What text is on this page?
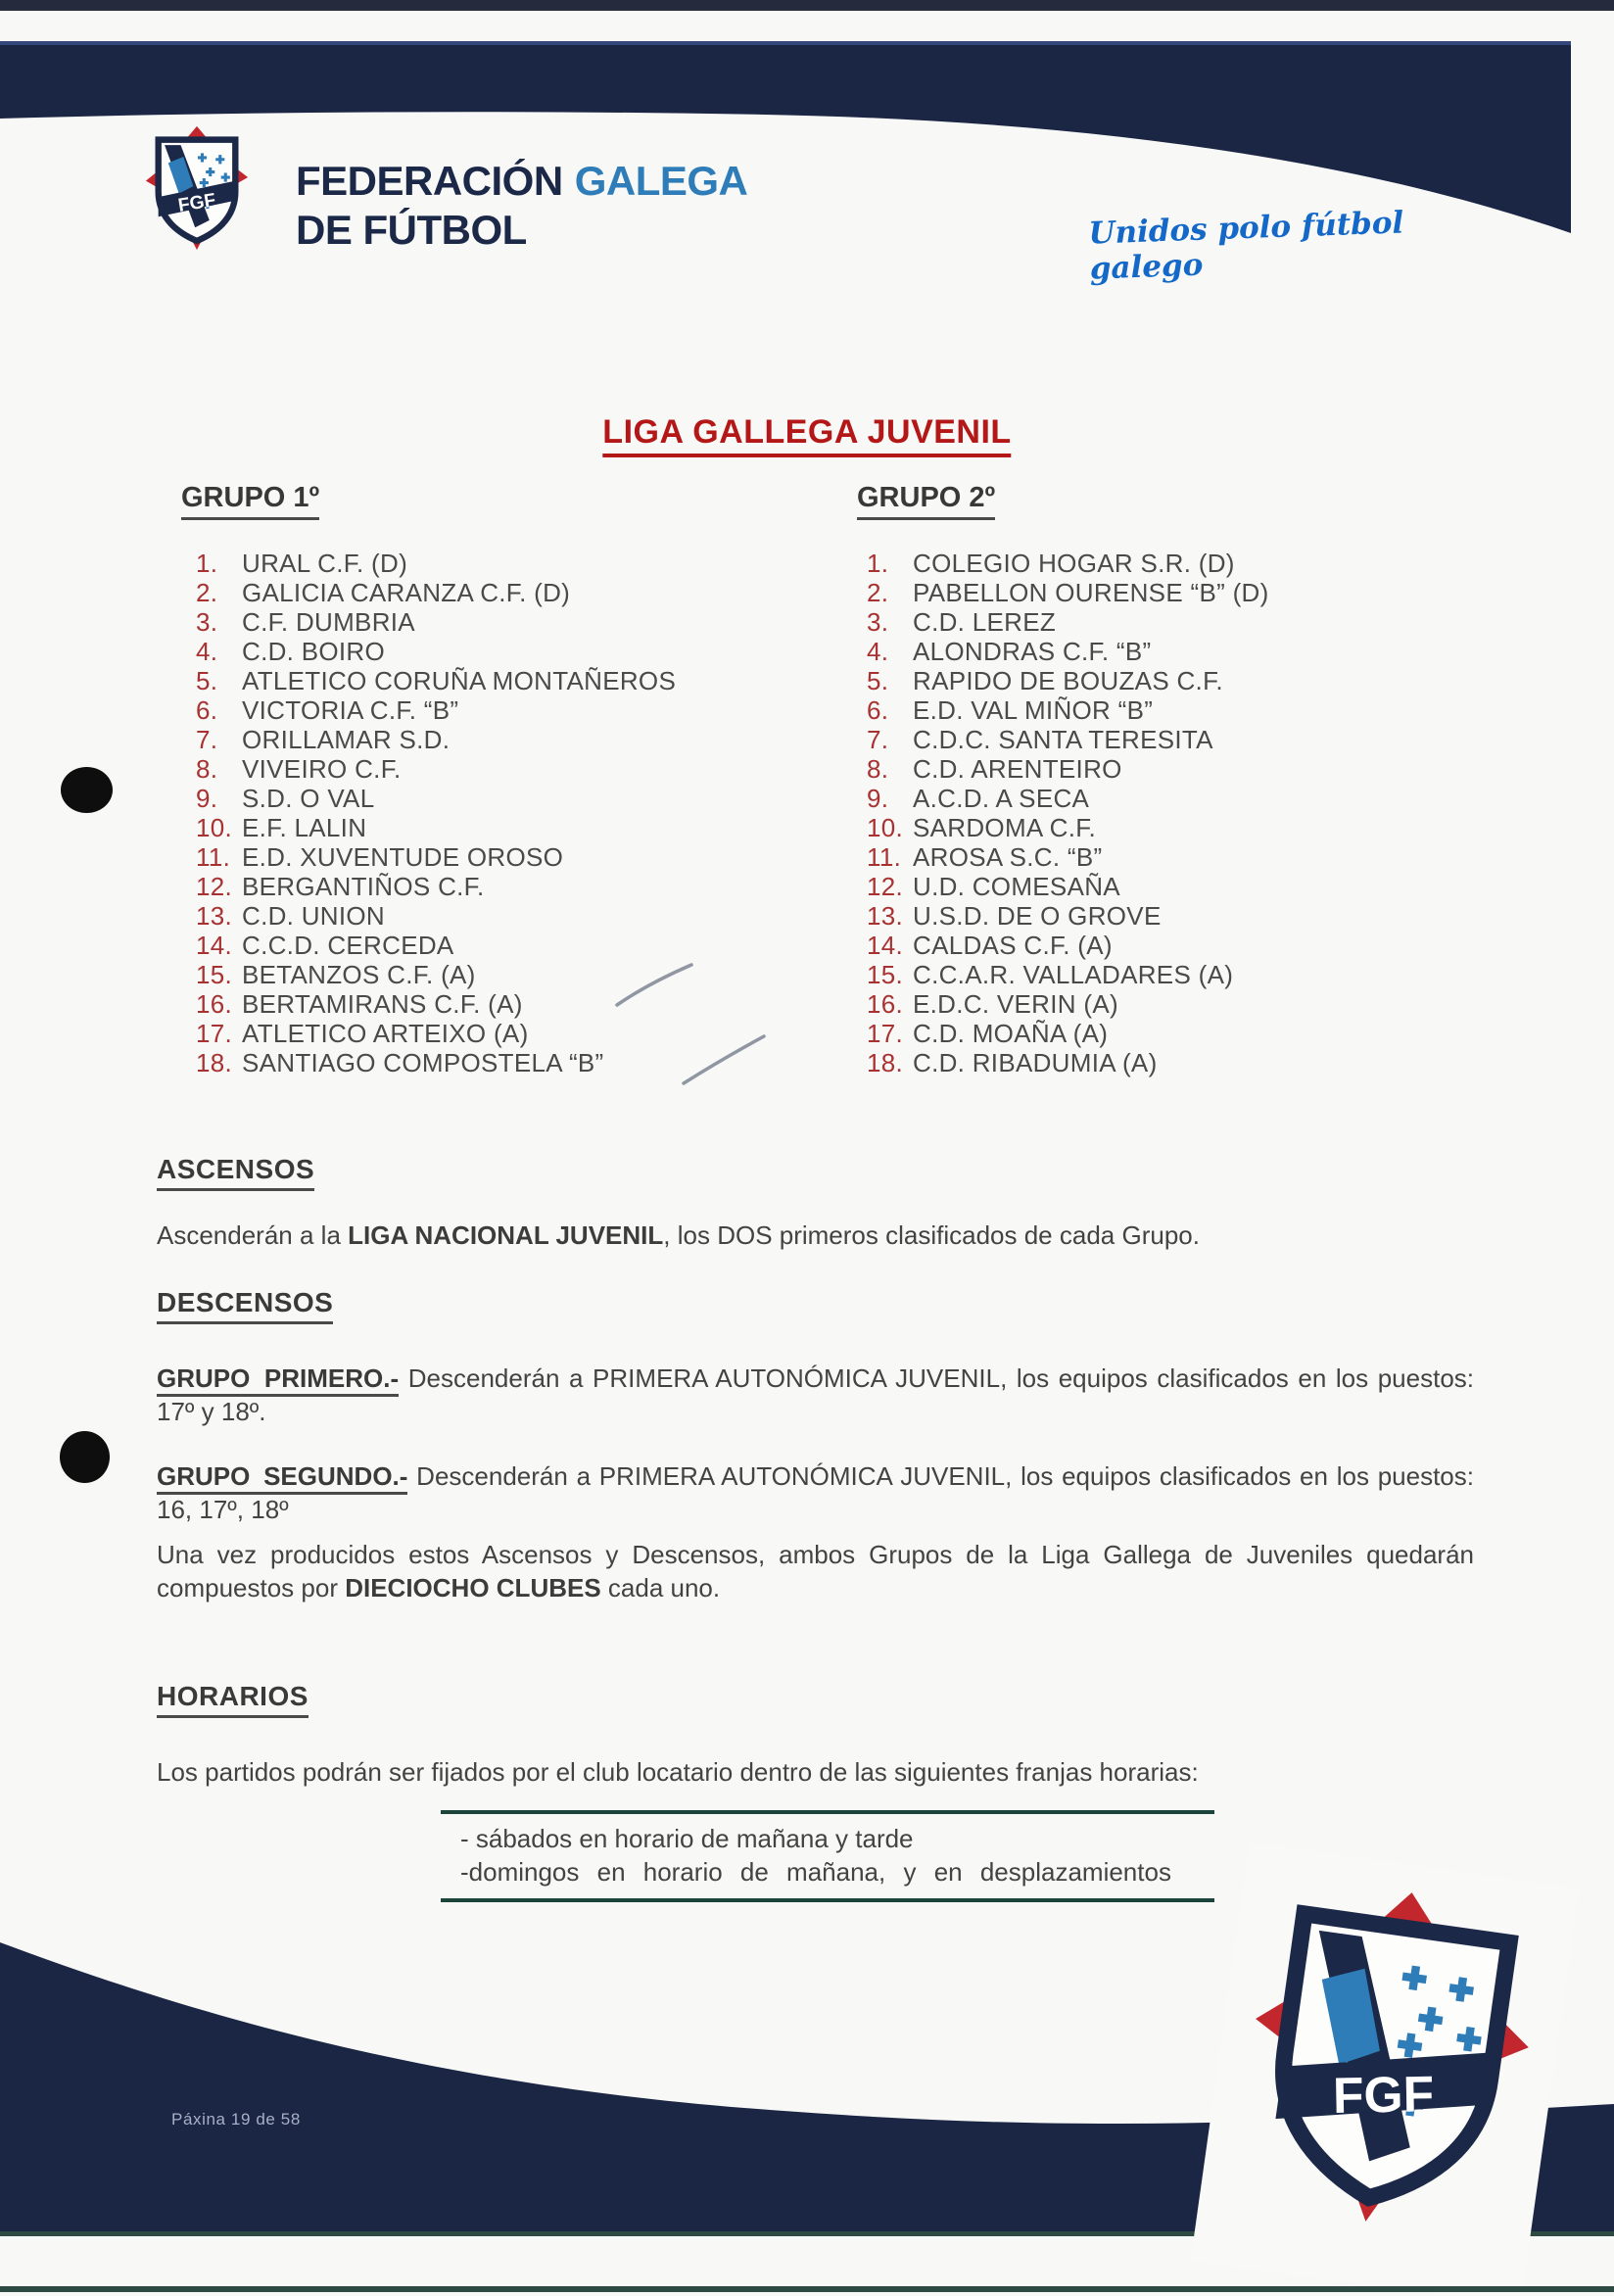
FEDERACIÓN GALEGA
DE FÚTBOL	Unidos polo fútbol galego
LIGA GALLEGA JUVENIL
GRUPO 1º	GRUPO 2º
1. URAL C.F. (D)
2. GALICIA CARANZA C.F. (D)
3. C.F. DUMBRIA
4. C.D. BOIRO
5. ATLETICO CORUÑA MONTAÑEROS
6. VICTORIA C.F. “B”
7. ORILLAMAR S.D.
8. VIVEIRO C.F.
9. S.D. O VAL
10. E.F. LALIN
11. E.D. XUVENTUDE OROSO
12. BERGANTIÑOS C.F.
13. C.D. UNION
14. C.C.D. CERCEDA
15. BETANZOS C.F. (A)
16. BERTAMIRANS C.F. (A)
17. ATLETICO ARTEIXO (A)
18. SANTIAGO COMPOSTELA “B”
1. COLEGIO HOGAR S.R. (D)
2. PABELLON OURENSE “B” (D)
3. C.D. LEREZ
4. ALONDRAS C.F. “B”
5. RAPIDO DE BOUZAS C.F.
6. E.D. VAL MIÑOR “B”
7. C.D.C. SANTA TERESITA
8. C.D. ARENTEIRO
9. A.C.D. A SECA
10. SARDOMA C.F.
11. AROSA S.C. “B”
12. U.D. COMESAÑA
13. U.S.D. DE O GROVE
14. CALDAS C.F. (A)
15. C.C.A.R. VALLADARES (A)
16. E.D.C. VERIN (A)
17. C.D. MOAÑA (A)
18. C.D. RIBADUMIA (A)
ASCENSOS
Ascenderán a la LIGA NACIONAL JUVENIL, los DOS primeros clasificados de cada Grupo.
DESCENSOS
GRUPO PRIMERO.- Descenderán a PRIMERA AUTONÓMICA JUVENIL, los equipos clasificados en los puestos: 17º y 18º.
GRUPO SEGUNDO.- Descenderán a PRIMERA AUTONÓMICA JUVENIL, los equipos clasificados en los puestos: 16, 17º, 18º
Una vez producidos estos Ascensos y Descensos, ambos Grupos de la Liga Gallega de Juveniles quedarán compuestos por DIECIOCHO CLUBES cada uno.
HORARIOS
Los partidos podrán ser fijados por el club locatario dentro de las siguientes franjas horarias:
- sábados en horario de mañana y tarde
-domingos en horario de mañana, y en desplazamientos
Páxina 19 de 58
